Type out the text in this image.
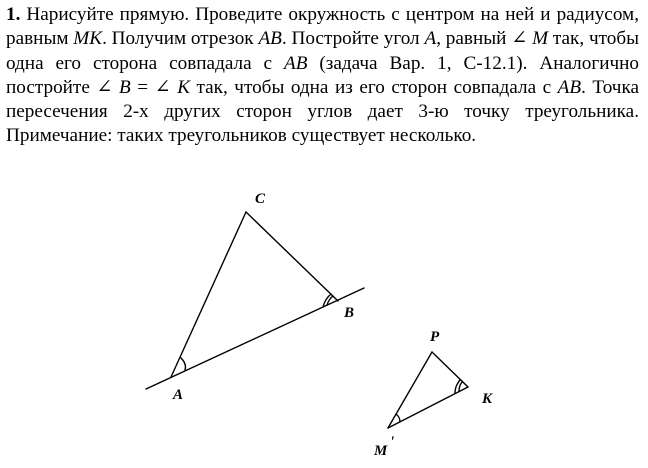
1. Нарисуйте прямую. Проведите окружность с центром на ней и радиусом, равным MK. Получим отрезок AB. Постройте угол A, равный ∠ M так, чтобы одна его сторона совпадала с AB (задача Вар. 1, С-12.1). Аналогично постройте ∠ B = ∠ K так, чтобы одна из его сторон совпадала с AB. Точка пересечения 2-х других сторон углов дает 3-ю точку треугольника. Примечание: таких треугольников существует несколько.

A
B
C
P
K
M
'
